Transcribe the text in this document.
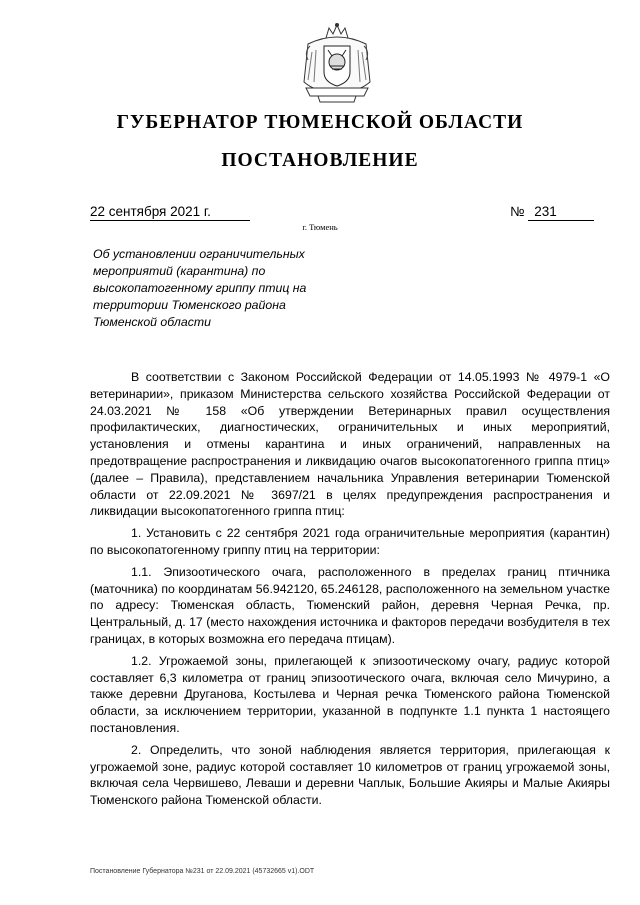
ГУБЕРНАТОР ТЮМЕНСКОЙ ОБЛАСТИ
ПОСТАНОВЛЕНИЕ
22 сентября 2021 г.	№ 231
г. Тюмень
Об установлении ограничительных мероприятий (карантина) по высокопатогенному гриппу птиц на территории Тюменского района Тюменской области

В соответствии с Законом Российской Федерации от 14.05.1993 № 4979-1 «О ветеринарии», приказом Министерства сельского хозяйства Российской Федерации от 24.03.2021 № 158 «Об утверждении Ветеринарных правил осуществления профилактических, диагностических, ограничительных и иных мероприятий, установления и отмены карантина и иных ограничений, направленных на предотвращение распространения и ликвидацию очагов высокопатогенного гриппа птиц» (далее – Правила), представлением начальника Управления ветеринарии Тюменской области от 22.09.2021 № 3697/21 в целях предупреждения распространения и ликвидации высокопатогенного гриппа птиц:

1. Установить с 22 сентября 2021 года ограничительные мероприятия (карантин) по высокопатогенному гриппу птиц на территории:

1.1. Эпизоотического очага, расположенного в пределах границ птичника (маточника) по координатам 56.942120, 65.246128, расположенного на земельном участке по адресу: Тюменская область, Тюменский район, деревня Черная Речка, пр. Центральный, д. 17 (место нахождения источника и факторов передачи возбудителя в тех границах, в которых возможна его передача птицам).

1.2. Угрожаемой зоны, прилегающей к эпизоотическому очагу, радиус которой составляет 6,3 километра от границ эпизоотического очага, включая село Мичурино, а также деревни Друганова, Костылева и Черная речка Тюменского района Тюменской области, за исключением территории, указанной в подпункте 1.1 пункта 1 настоящего постановления.

2. Определить, что зоной наблюдения является территория, прилегающая к угрожаемой зоне, радиус которой составляет 10 километров от границ угрожаемой зоны, включая села Червишево, Леваши и деревни Чаплык, Большие Акияры и Малые Акияры Тюменского района Тюменской области.

Постановление Губернатора №231 от 22.09.2021 (45732665 v1).ODT
